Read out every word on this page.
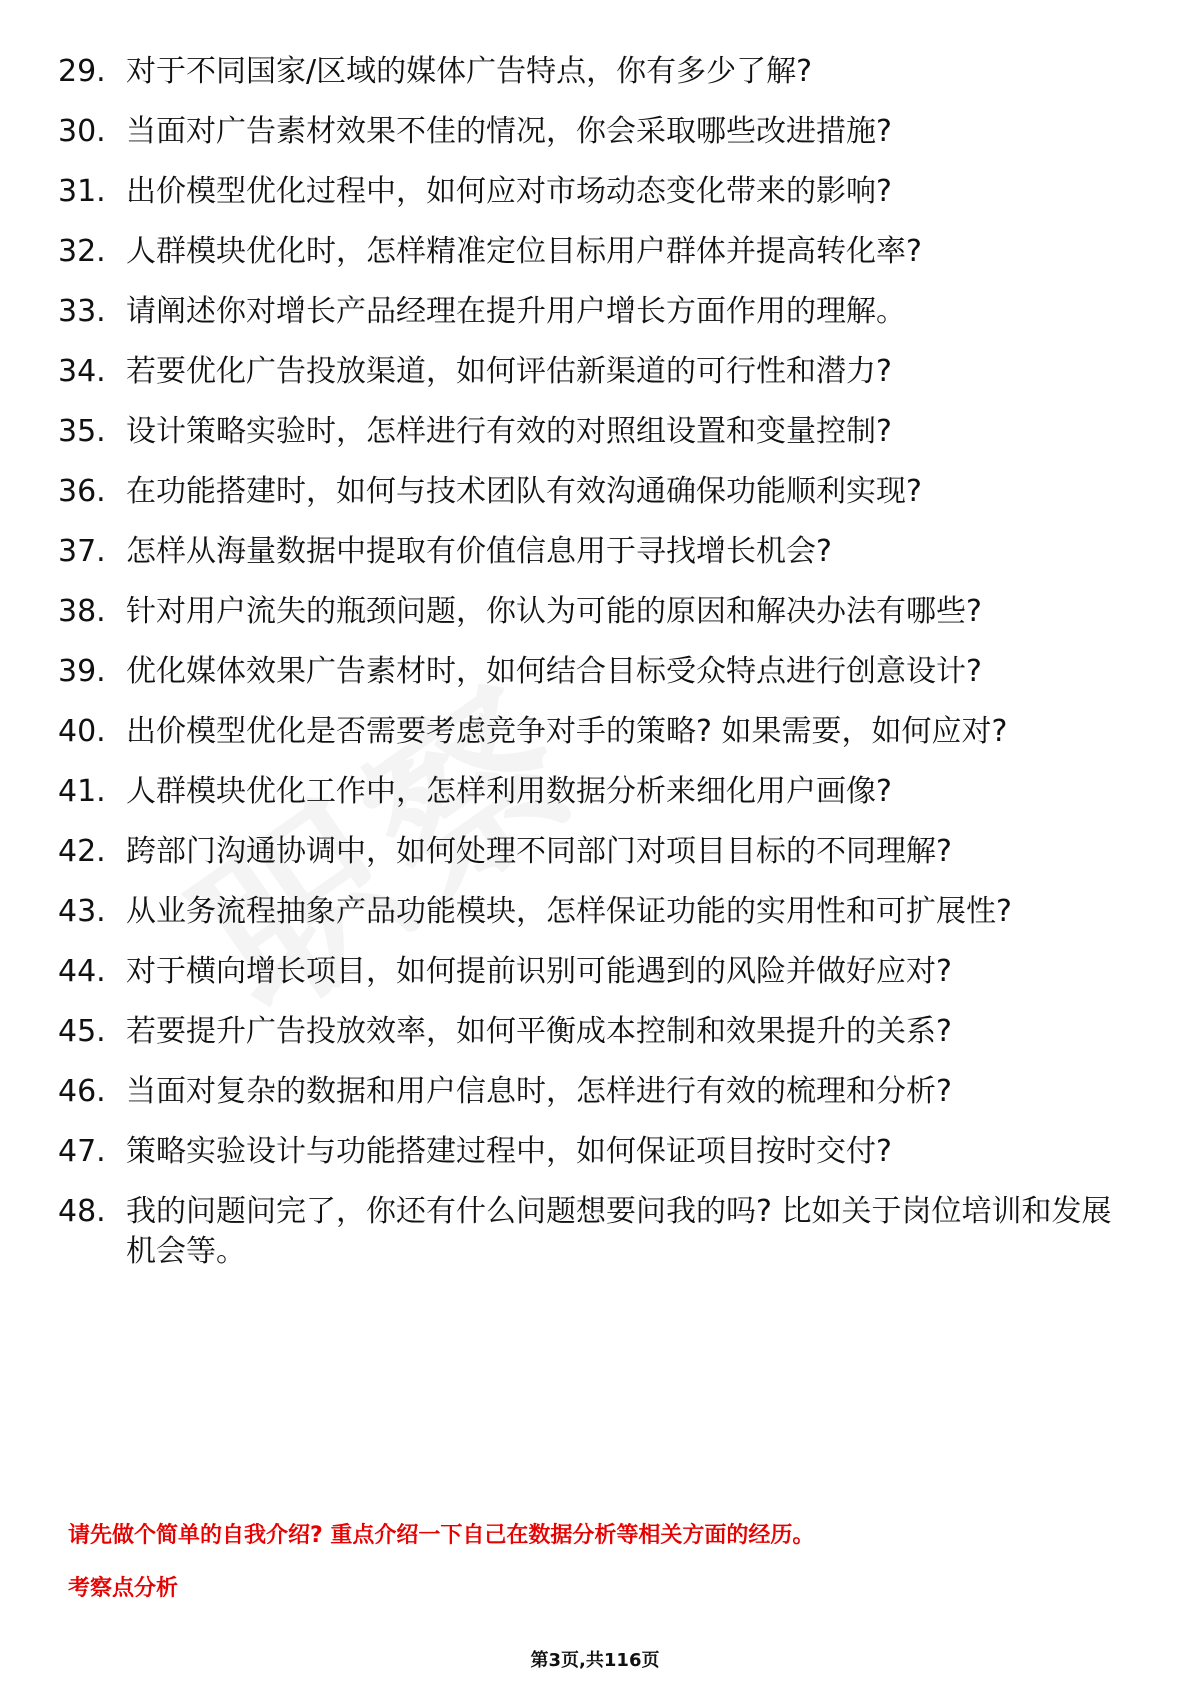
29. 对于不同国家/区域的媒体广告特点，你有多少了解?
30. 当面对广告素材效果不佳的情况，你会采取哪些改进措施?
31. 出价模型优化过程中，如何应对市场动态变化带来的影响?
32. 人群模块优化时，怎样精准定位目标用户群体并提高转化率?
33. 请阐述你对增长产品经理在提升用户增长方面作用的理解。
34. 若要优化广告投放渠道，如何评估新渠道的可行性和潜力?
35. 设计策略实验时，怎样进行有效的对照组设置和变量控制?
36. 在功能搭建时，如何与技术团队有效沟通确保功能顺利实现?
37. 怎样从海量数据中提取有价值信息用于寻找增长机会?
38. 针对用户流失的瓶颈问题，你认为可能的原因和解决办法有哪些?
39. 优化媒体效果广告素材时，如何结合目标受众特点进行创意设计?
40. 出价模型优化是否需要考虑竞争对手的策略? 如果需要，如何应对?
41. 人群模块优化工作中，怎样利用数据分析来细化用户画像?
42. 跨部门沟通协调中，如何处理不同部门对项目目标的不同理解?
43. 从业务流程抽象产品功能模块，怎样保证功能的实用性和可扩展性?
44. 对于横向增长项目，如何提前识别可能遇到的风险并做好应对?
45. 若要提升广告投放效率，如何平衡成本控制和效果提升的关系?
46. 当面对复杂的数据和用户信息时，怎样进行有效的梳理和分析?
47. 策略实验设计与功能搭建过程中，如何保证项目按时交付?
48. 我的问题问完了，你还有什么问题想要问我的吗? 比如关于岗位培训和发展机会等。
请先做个简单的自我介绍? 重点介绍一下自己在数据分析等相关方面的经历。
考察点分析
第3页,共116页
